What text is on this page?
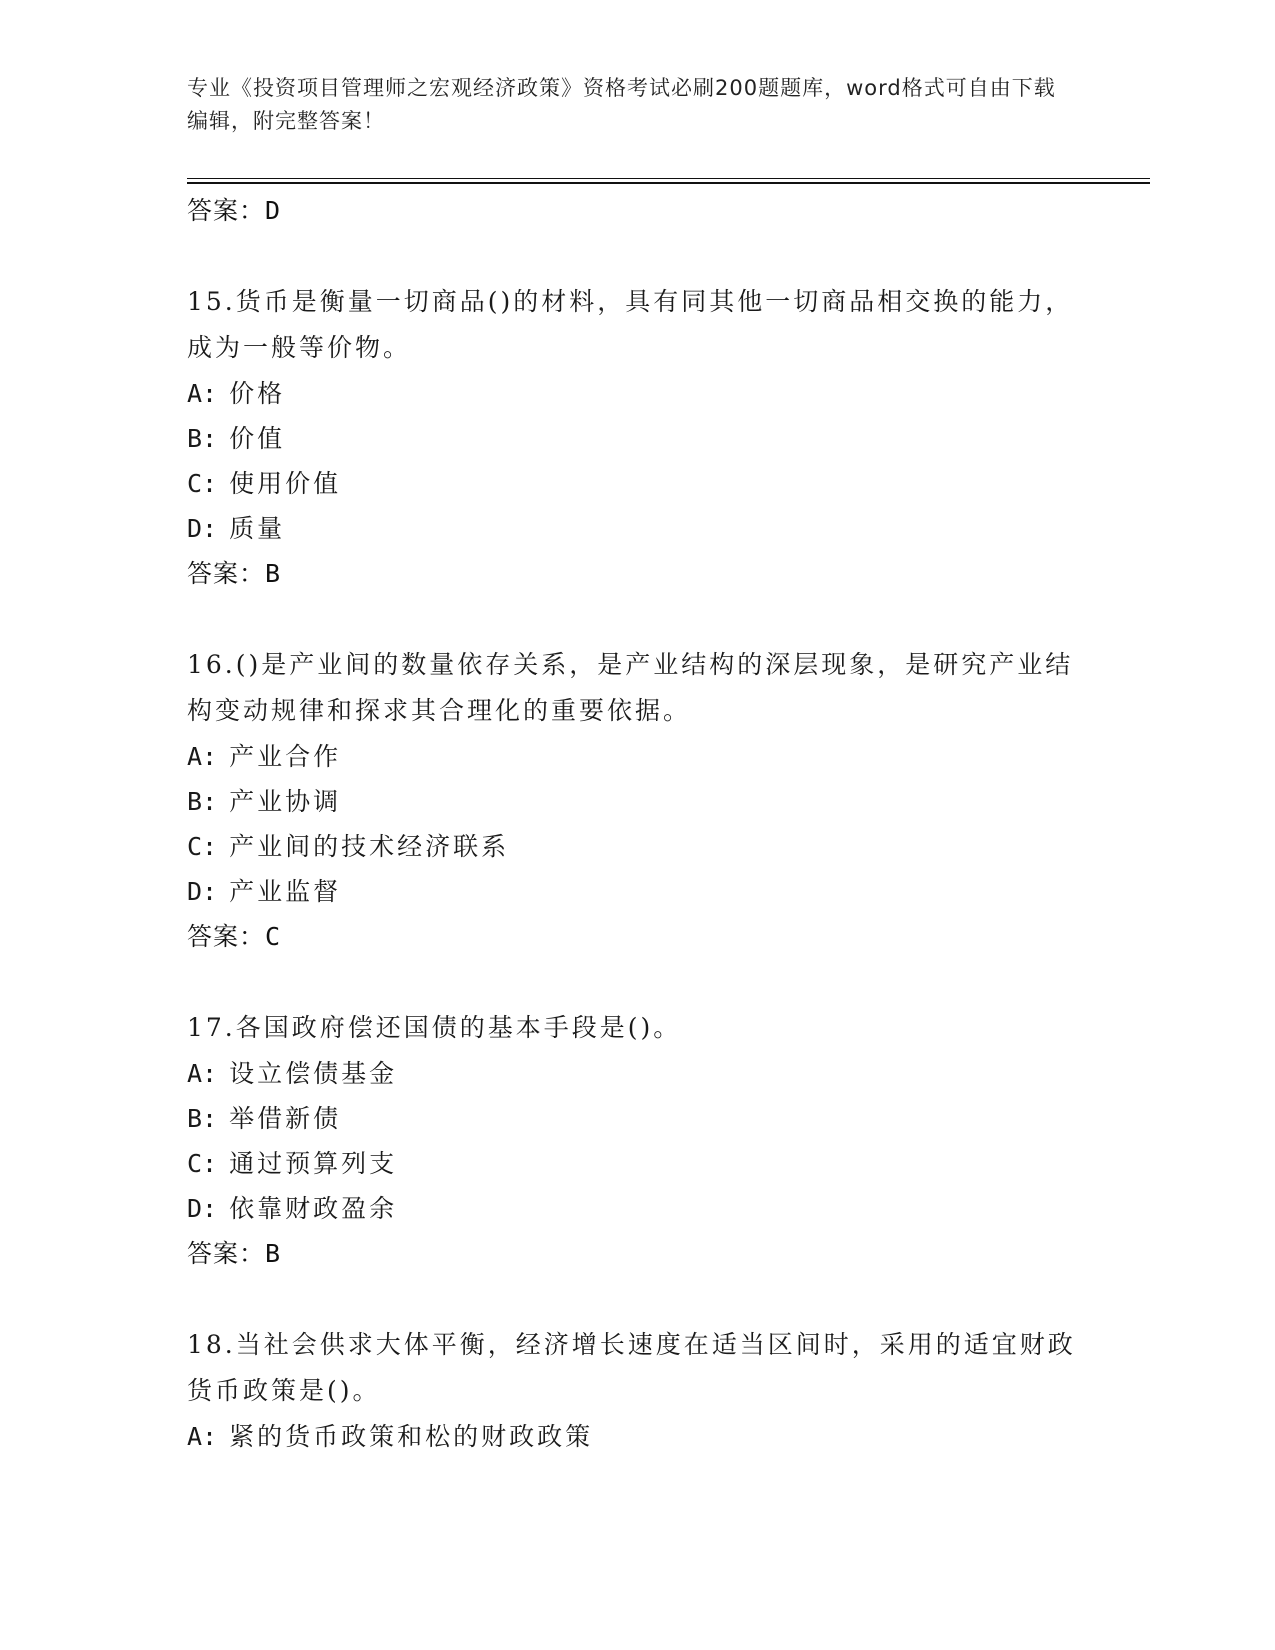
专业《投资项目管理师之宏观经济政策》资格考试必刷200题题库，word格式可自由下载编辑，附完整答案！
答案：D
15.货币是衡量一切商品()的材料，具有同其他一切商品相交换的能力，成为一般等价物。
A: 价格
B: 价值
C: 使用价值
D: 质量
答案：B
16.()是产业间的数量依存关系，是产业结构的深层现象，是研究产业结构变动规律和探求其合理化的重要依据。
A: 产业合作
B: 产业协调
C: 产业间的技术经济联系
D: 产业监督
答案：C
17.各国政府偿还国债的基本手段是()。
A: 设立偿债基金
B: 举借新债
C: 通过预算列支
D: 依靠财政盈余
答案：B
18.当社会供求大体平衡，经济增长速度在适当区间时，采用的适宜财政货币政策是()。
A: 紧的货币政策和松的财政政策
